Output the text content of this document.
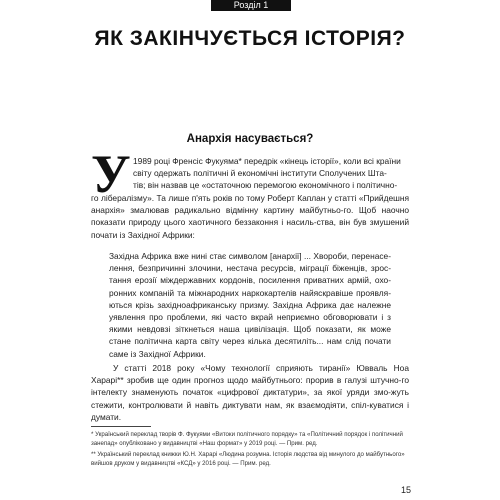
Розділ 1
ЯК ЗАКІНЧУЄТЬСЯ ІСТОРІЯ?
Анархія насувається?
У 1989 році Френсіс Фукуяма* передрік «кінець історії», коли всі країни
світу одержать політичні й економічні інститути Сполучених Шта-
тів; він назвав це «остаточною перемогою економічного і політично-

го лібералізму». Та лише п'ять років по тому Роберт Каплан у статті «Прийдешня анархія» змалював радикально відмінну картину майбутньо-го. Щоб наочно показати природу цього хаотичного беззаконня і насиль-ства, він був змушений почати із Західної Африки:

Західна Африка вже нині стає символом [анархії] ... Хвороби, перенасе-лення, безпричинні злочини, нестача ресурсів, міграції біженців, зрос-тання ерозії міждержавних кордонів, посилення приватних армій, охо-ронних компаній та міжнародних наркокартелів найяскравіше проявля-ються крізь західноафриканську призму. Західна Африка дає належне уявлення про проблеми, які часто вкрай неприємно обговорювати і з якими невдовзі зіткнеться наша цивілізація. Щоб показати, як може стане політична карта світу через кілька десятиліть... нам слід почати саме із Західної Африки.

У статті 2018 року «Чому технології сприяють тиранії» Ювваль Ноа Харарі** зробив ще один прогноз щодо майбутнього: прорив в галузі штучно-го інтелекту знаменують початок «цифрової диктатури», за якої уряди змо-жуть стежити, контролювати й навіть диктувати нам, як взаємодіяти, спіл-куватися і думати.

* Український переклад творів Ф. Фукуями «Витоки політичного порядку» та «Політичний порядок і політичний занепад» опубліковано у видавництві «Наш формат» у 2019 році. — Прим. ред.

** Український переклад книжки Ю.Н. Харарі «Людина розумна. Історія людства від минулого до майбутнього» вийшов друком у видавництві «КСД» у 2016 році. — Прим. ред.

15
